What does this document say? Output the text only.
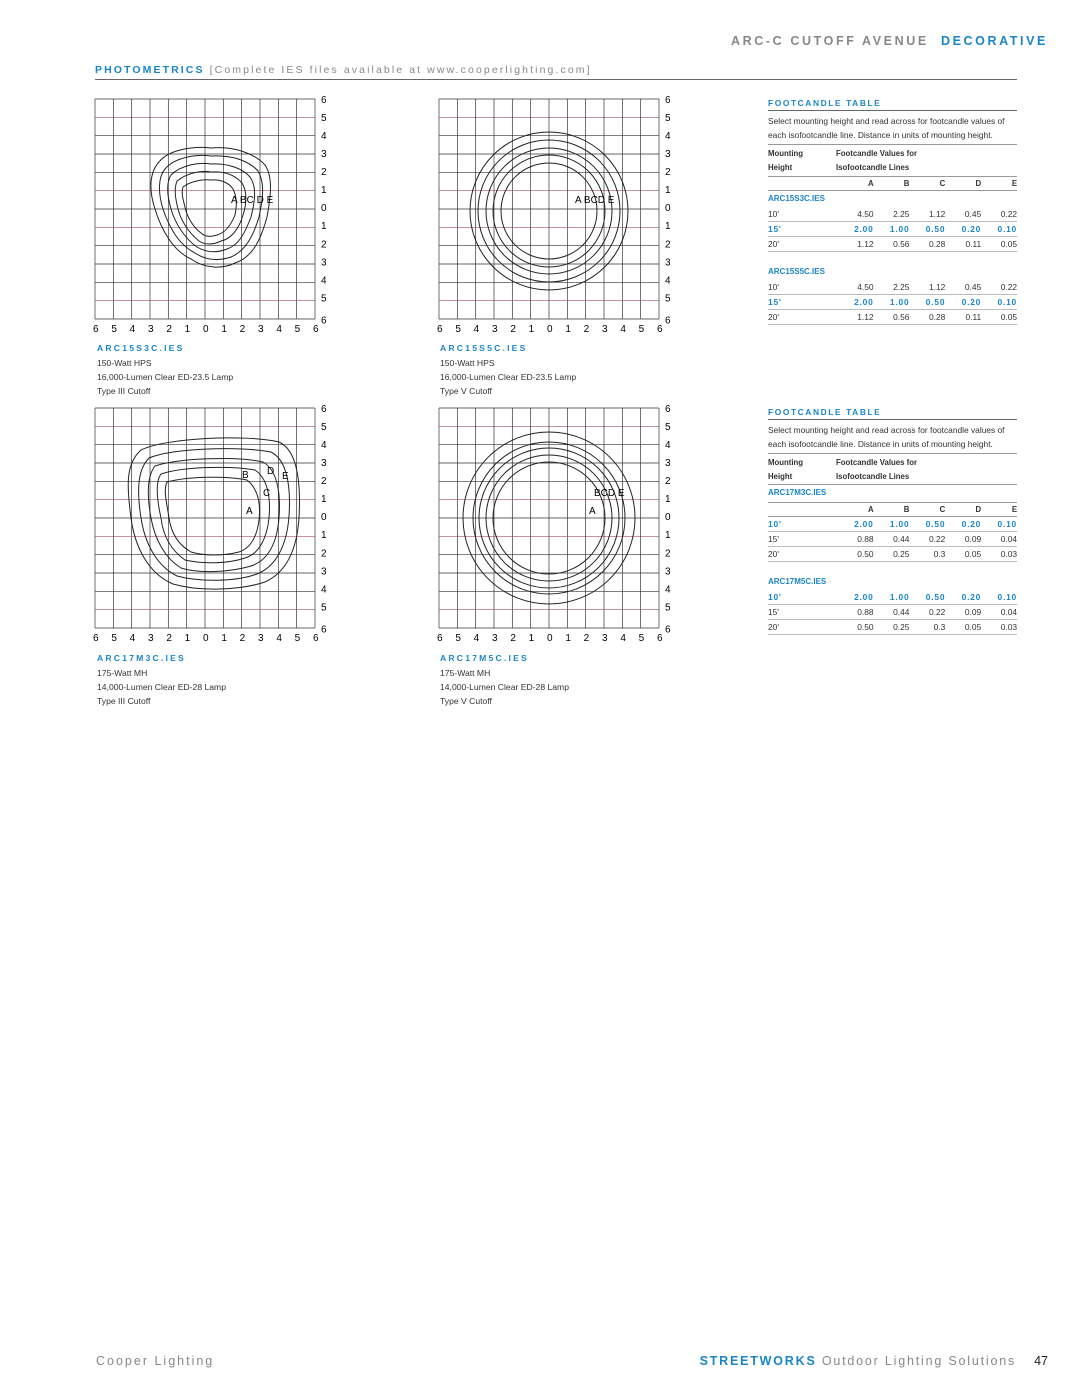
ARC-C CUTOFF AVENUE DECORATIVE
PHOTOMETRICS [Complete IES files available at www.cooperlighting.com]
6
5
4
3
2
1
0
1
2
3
4
5
6
6 5 4 3 2 1 0 1 2 3 4 5 6
A BC D E
6
5
4
3
2
1
0
1
2
3
4
5
6
6 5 4 3 2 1 0 1 2 3 4 5 6
A BCD E
6
5
4
3
2
1
0
1
2
3
4
5
6
6 5 4 3 2 1 0 1 2 3 4 5 6
B D E
C
A
6
5
4
3
2
1
0
1
2
3
4
5
6
6 5 4 3 2 1 0 1 2 3 4 5 6
BCD E
A
ARC15S3C.IES
150-Watt HPS
16,000-Lumen Clear ED-23.5 Lamp
Type III Cutoff
ARC15S5C.IES
150-Watt HPS
16,000-Lumen Clear ED-23.5 Lamp
Type V Cutoff
ARC17M3C.IES
175-Watt MH
14,000-Lumen Clear ED-28 Lamp
Type III Cutoff
ARC17M5C.IES
175-Watt MH
14,000-Lumen Clear ED-28 Lamp
Type V Cutoff
FOOTCANDLE TABLE
Select mounting height and read across for footcandle values of each isofootcandle line. Distance in units of mounting height.
Mounting	Footcandle Values for
Height	Isofootcandle Lines
A	B	C	D	E
ARC15S3C.IES
10'	4.50	2.25	1.12	0.45	0.22
15'	2.00	1.00	0.50	0.20	0.10
20'	1.12	0.56	0.28	0.11	0.05
ARC15S5C.IES
10'	4.50	2.25	1.12	0.45	0.22
15'	2.00	1.00	0.50	0.20	0.10
20'	1.12	0.56	0.28	0.11	0.05
FOOTCANDLE TABLE
Select mounting height and read across for footcandle values of each isofootcandle line. Distance in units of mounting height.
Mounting	Footcandle Values for
Height	Isofootcandle Lines
ARC17M3C.IES
A	B	C	D	E
10'	2.00	1.00	0.50	0.20	0.10
15'	0.88	0.44	0.22	0.09	0.04
20'	0.50	0.25	0.3	0.05	0.03
ARC17M5C.IES
10'	2.00	1.00	0.50	0.20	0.10
15'	0.88	0.44	0.22	0.09	0.04
20'	0.50	0.25	0.3	0.05	0.03
Cooper Lighting	STREETWORKS Outdoor Lighting Solutions 47
